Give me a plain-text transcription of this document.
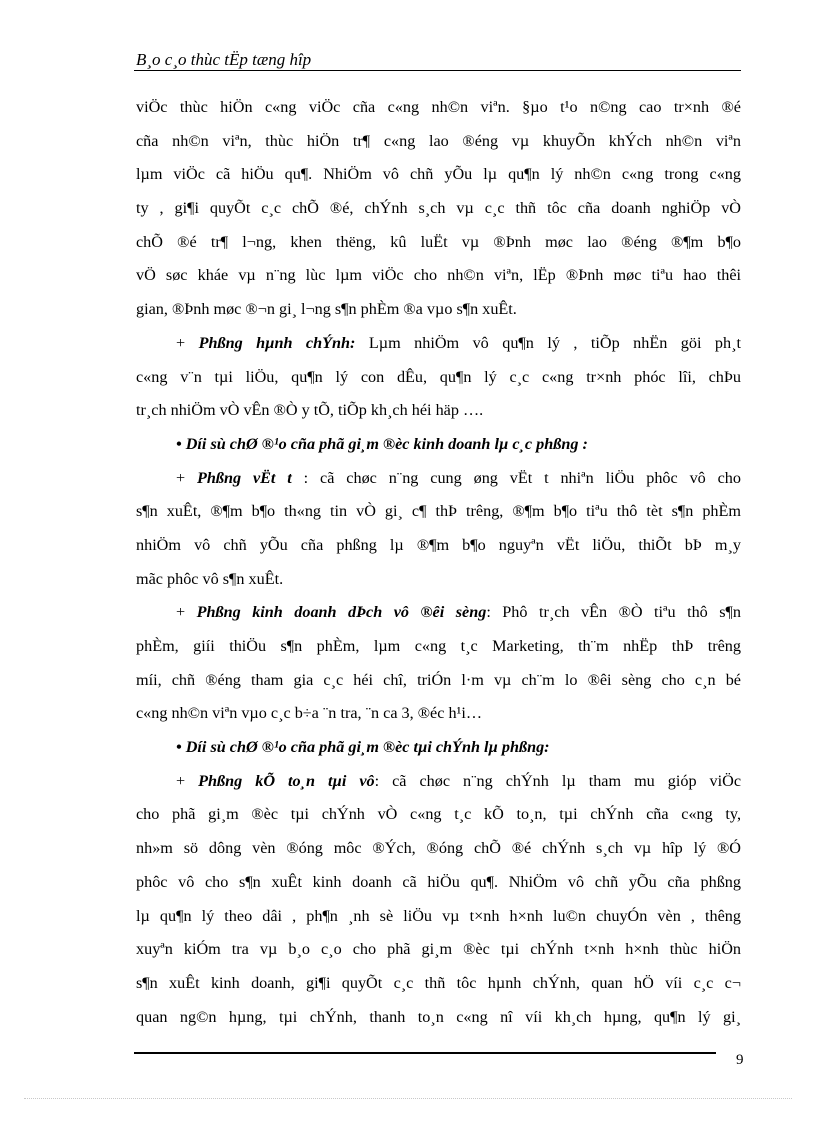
B¸o c¸o thùc tËp tæng hîp
viÖc thùc hiÖn c«ng viÖc cña c«ng nh©n viªn. §µo t¹o n©ng cao tr×nh ®é
cña nh©n viªn, thùc hiÖn tr¶ c«ng lao ®éng vµ khuyÕn khÝch nh©n viªn
lµm viÖc cã hiÖu qu¶. NhiÖm vô chñ yÕu lµ qu¶n lý nh©n c«ng trong c«ng
ty , gi¶i quyÕt c¸c chÕ ®é, chÝnh s¸ch vµ c¸c thñ tôc cña doanh nghiÖp vÒ
chÕ ®é tr¶ l¬ng, khen thëng, kû luËt vµ ®Þnh møc lao ®éng ®¶m b¶o
vÖ søc kháe vµ n¨ng lùc lµm viÖc cho nh©n viªn, lËp ®Þnh møc tiªu hao thêi
gian, ®Þnh møc ®¬n gi¸ l¬ng s¶n phÈm ®a vµo s¶n xuÊt.
+ Phßng hµnh chÝnh: Lµm nhiÖm vô qu¶n lý , tiÕp nhËn göi ph¸t
c«ng v¨n tµi liÖu, qu¶n lý con dÊu, qu¶n lý c¸c c«ng tr×nh phóc lîi, chÞu
tr¸ch nhiÖm vÒ vÊn ®Ò y tÕ, tiÕp kh¸ch héi häp ….
• Díi sù chØ ®¹o cña phã gi¸m ®èc kinh doanh lµ c¸c phßng :
+ Phßng vËt t : cã chøc n¨ng cung øng vËt t nhiªn liÖu phôc vô cho
s¶n xuÊt, ®¶m b¶o th«ng tin vÒ gi¸ c¶ thÞ trêng, ®¶m b¶o tiªu thô tèt s¶n phÈm
nhiÖm vô chñ yÕu cña phßng lµ ®¶m b¶o nguyªn vËt liÖu, thiÕt bÞ m¸y
mãc phôc vô s¶n xuÊt.
+ Phßng kinh doanh dÞch vô ®êi sèng: Phô tr¸ch vÊn ®Ò tiªu thô s¶n
phÈm, giíi thiÖu s¶n phÈm, lµm c«ng t¸c Marketing, th¨m nhËp thÞ trêng
míi, chñ ®éng tham gia c¸c héi chî, triÓn l·m vµ ch¨m lo ®êi sèng cho c¸n bé
c«ng nh©n viªn vµo c¸c b÷a ¨n tra, ¨n ca 3, ®éc h¹i…
• Díi sù chØ ®¹o cña phã gi¸m ®èc tµi chÝnh lµ phßng:
+ Phßng kÕ to¸n tµi vô: cã chøc n¨ng chÝnh lµ tham mu gióp viÖc
cho phã gi¸m ®èc tµi chÝnh vÒ c«ng t¸c kÕ to¸n, tµi chÝnh cña c«ng ty,
nh»m sö dông vèn ®óng môc ®Ých, ®óng chÕ ®é chÝnh s¸ch vµ hîp lý ®Ó
phôc vô cho s¶n xuÊt kinh doanh cã hiÖu qu¶. NhiÖm vô chñ yÕu cña phßng
lµ qu¶n lý theo dâi , ph¶n ¸nh sè liÖu vµ t×nh h×nh lu©n chuyÓn vèn , thêng
xuyªn kiÓm tra vµ b¸o c¸o cho phã gi¸m ®èc tµi chÝnh t×nh h×nh thùc hiÖn
s¶n xuÊt kinh doanh, gi¶i quyÕt c¸c thñ tôc hµnh chÝnh, quan hÖ víi c¸c c¬
quan ng©n hµng, tµi chÝnh, thanh to¸n c«ng nî víi kh¸ch hµng, qu¶n lý gi¸
9
